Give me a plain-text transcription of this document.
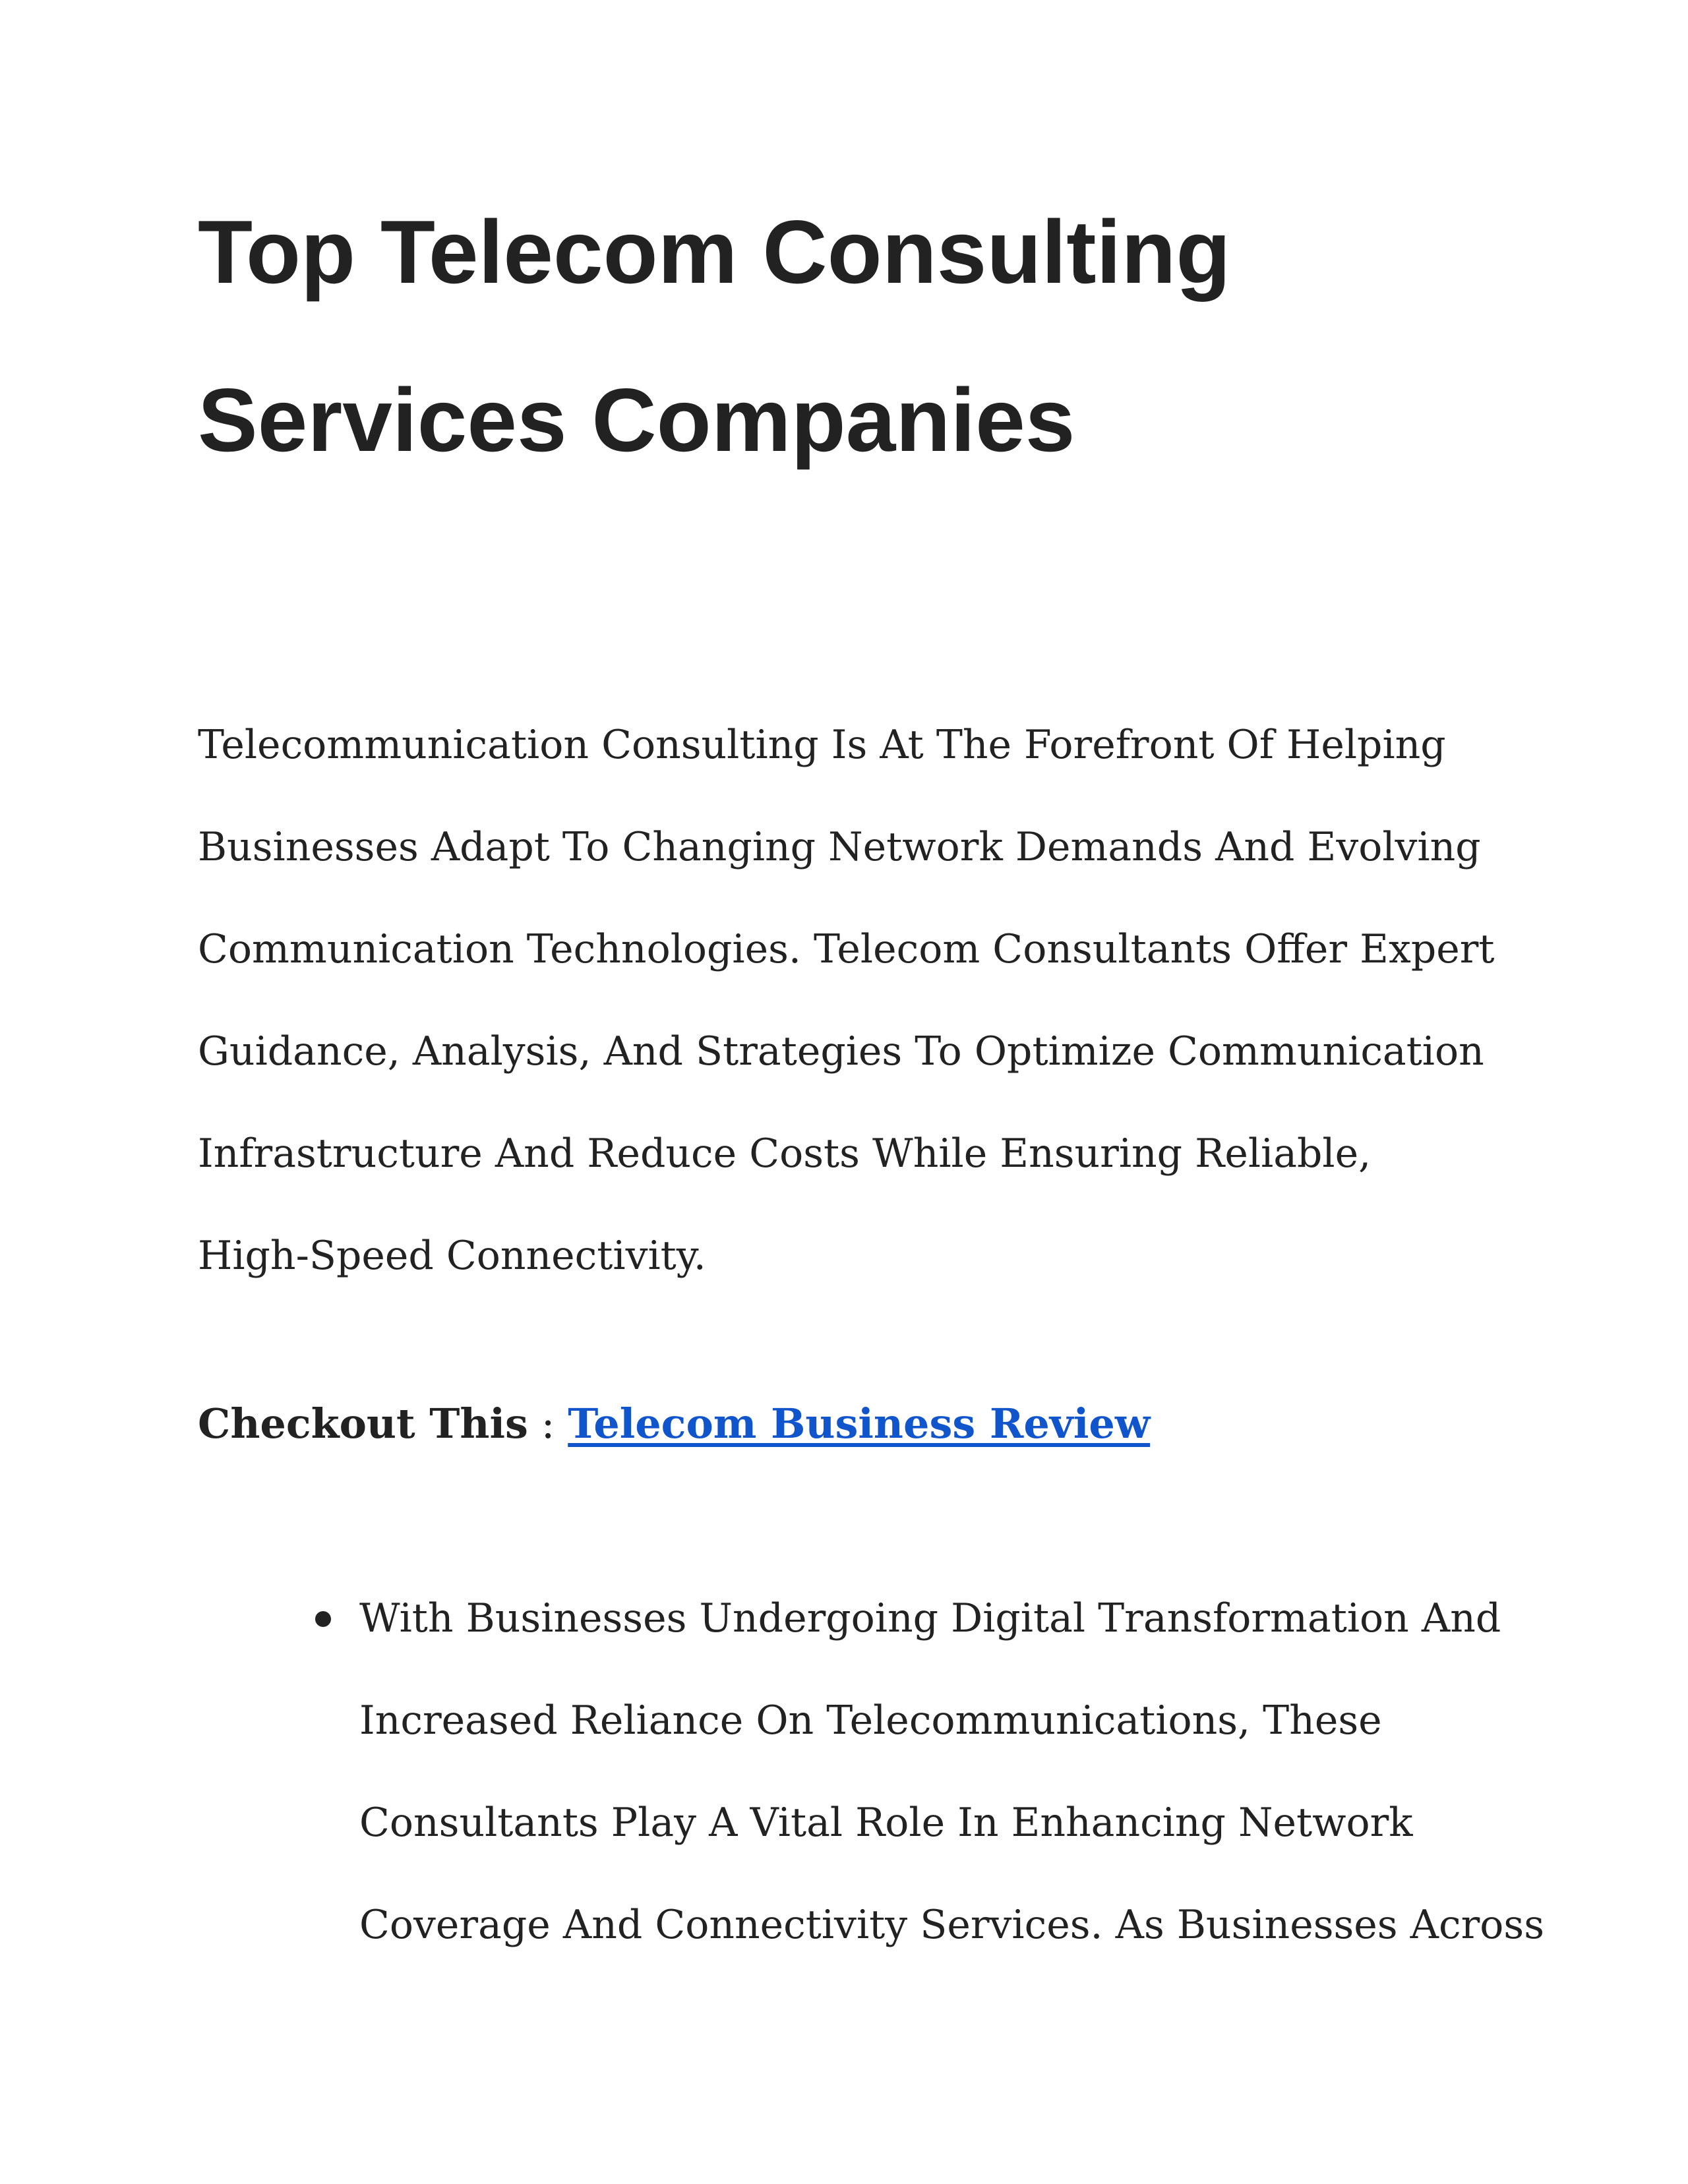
Top Telecom Consulting
Services Companies

Telecommunication Consulting Is At The Forefront Of Helping
Businesses Adapt To Changing Network Demands And Evolving
Communication Technologies. Telecom Consultants Offer Expert
Guidance, Analysis, And Strategies To Optimize Communication
Infrastructure And Reduce Costs While Ensuring Reliable,
High-Speed Connectivity.

Checkout This : Telecom Business Review

With Businesses Undergoing Digital Transformation And
Increased Reliance On Telecommunications, These
Consultants Play A Vital Role In Enhancing Network
Coverage And Connectivity Services. As Businesses Across
